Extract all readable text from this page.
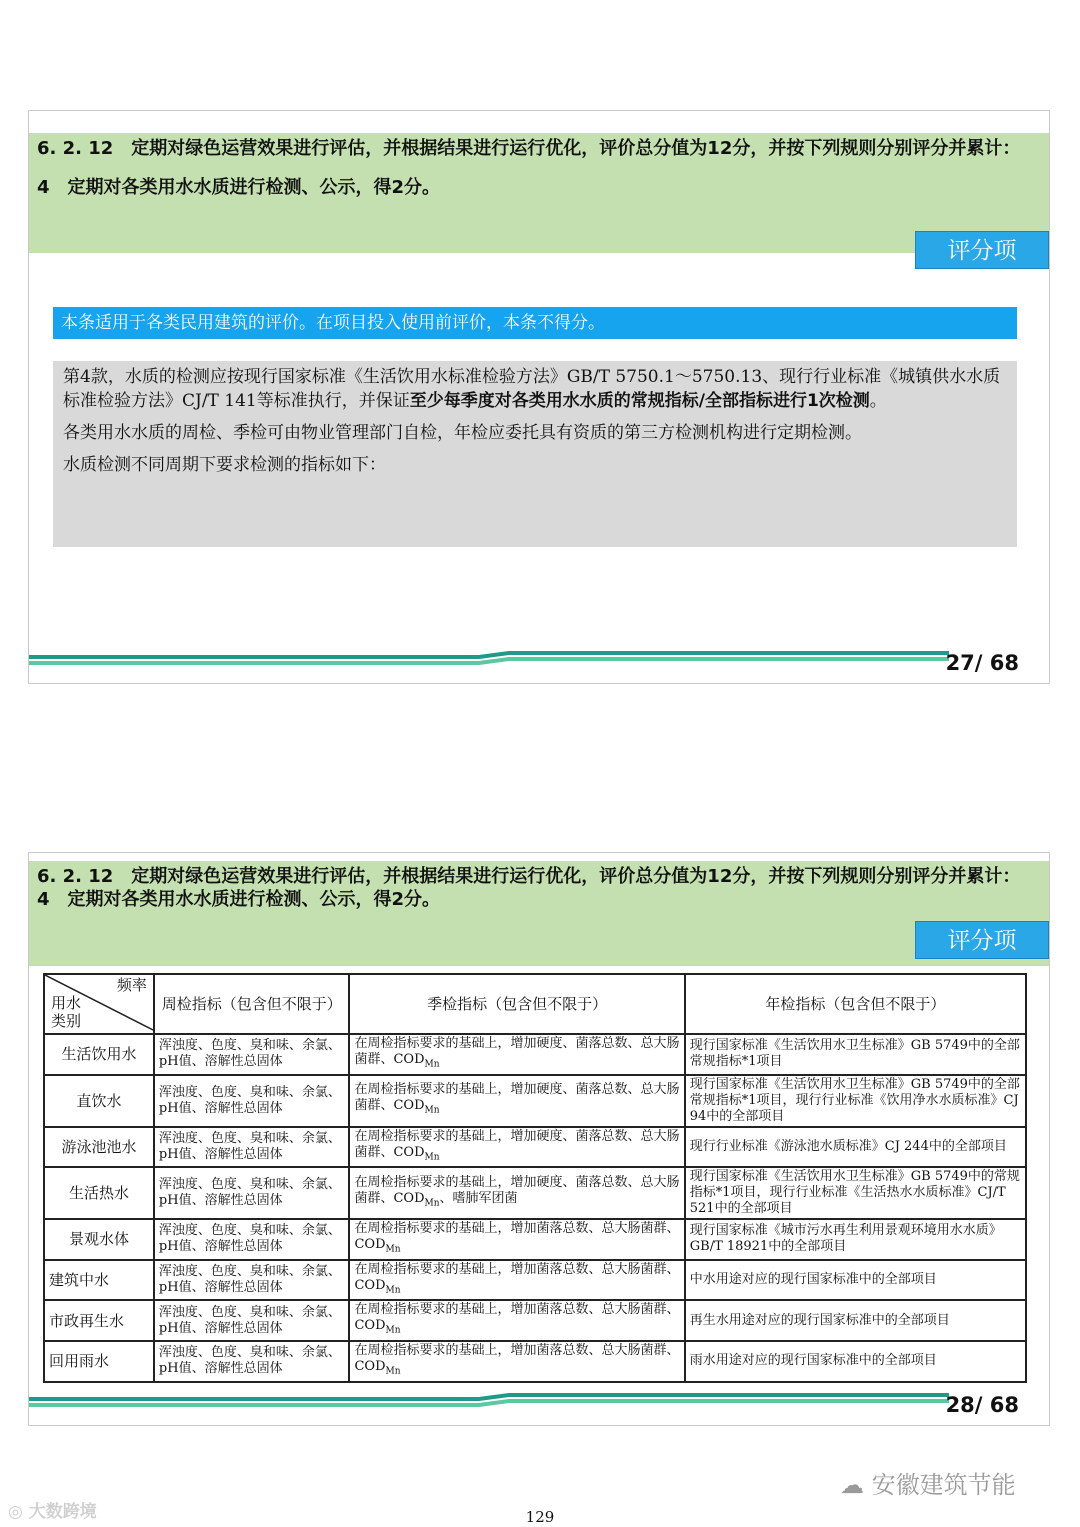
6. 2. 12　定期对绿色运营效果进行评估，并根据结果进行运行优化，评价总分值为12分，并按下列规则分别评分并累计：

4　定期对各类用水水质进行检测、公示，得2分。

评分项
本条适用于各类民用建筑的评价。在项目投入使用前评价，本条不得分。

第4款，水质的检测应按现行国家标准《生活饮用水标准检验方法》GB/T 5750.1～5750.13、现行行业标准《城镇供水水质标准检验方法》CJ/T 141等标准执行，并保证至少每季度对各类用水水质的常规指标/全部指标进行1次检测。

各类用水水质的周检、季检可由物业管理部门自检，年检应委托具有资质的第三方检测机构进行定期检测。

水质检测不同周期下要求检测的指标如下：

27/ 68

6. 2. 12　定期对绿色运营效果进行评估，并根据结果进行运行优化，评价总分值为12分，并按下列规则分别评分并累计：

4　定期对各类用水水质进行检测、公示，得2分。

评分项
频率
用水
类别	周检指标（包含但不限于）	季检指标（包含但不限于）	年检指标（包含但不限于）
生活饮用水	浑浊度、色度、臭和味、余氯、pH值、溶解性总固体	在周检指标要求的基础上，增加硬度、菌落总数、总大肠菌群、$COD_{Mn}$	现行国家标准《生活饮用水卫生标准》GB 5749中的全部常规指标*1项目
直饮水	浑浊度、色度、臭和味、余氯、pH值、溶解性总固体	在周检指标要求的基础上，增加硬度、菌落总数、总大肠菌群、$COD_{Mn}$	现行国家标准《生活饮用水卫生标准》GB 5749中的全部常规指标*1项目，现行行业标准《饮用净水水质标准》CJ 94中的全部项目
游泳池池水	浑浊度、色度、臭和味、余氯、pH值、溶解性总固体	在周检指标要求的基础上，增加硬度、菌落总数、总大肠菌群、$COD_{Mn}$	现行行业标准《游泳池水质标准》CJ 244中的全部项目
生活热水	浑浊度、色度、臭和味、余氯、pH值、溶解性总固体	在周检指标要求的基础上，增加硬度、菌落总数、总大肠菌群、$COD_{Mn}$、嗜肺军团菌	现行国家标准《生活饮用水卫生标准》GB 5749中的常规指标*1项目，现行行业标准《生活热水水质标准》CJ/T 521中的全部项目
景观水体	浑浊度、色度、臭和味、余氯、pH值、溶解性总固体	在周检指标要求的基础上，增加菌落总数、总大肠菌群、$COD_{Mn}$	现行国家标准《城市污水再生利用景观环境用水水质》GB/T 18921中的全部项目
建筑中水	浑浊度、色度、臭和味、余氯、pH值、溶解性总固体	在周检指标要求的基础上，增加菌落总数、总大肠菌群、$COD_{Mn}$	中水用途对应的现行国家标准中的全部项目
市政再生水	浑浊度、色度、臭和味、余氯、pH值、溶解性总固体	在周检指标要求的基础上，增加菌落总数、总大肠菌群、$COD_{Mn}$	再生水用途对应的现行国家标准中的全部项目
回用雨水	浑浊度、色度、臭和味、余氯、pH值、溶解性总固体	在周检指标要求的基础上，增加菌落总数、总大肠菌群、$COD_{Mn}$	雨水用途对应的现行国家标准中的全部项目
28/ 68
☁ 安徽建筑节能
◎ 大数跨境	129
